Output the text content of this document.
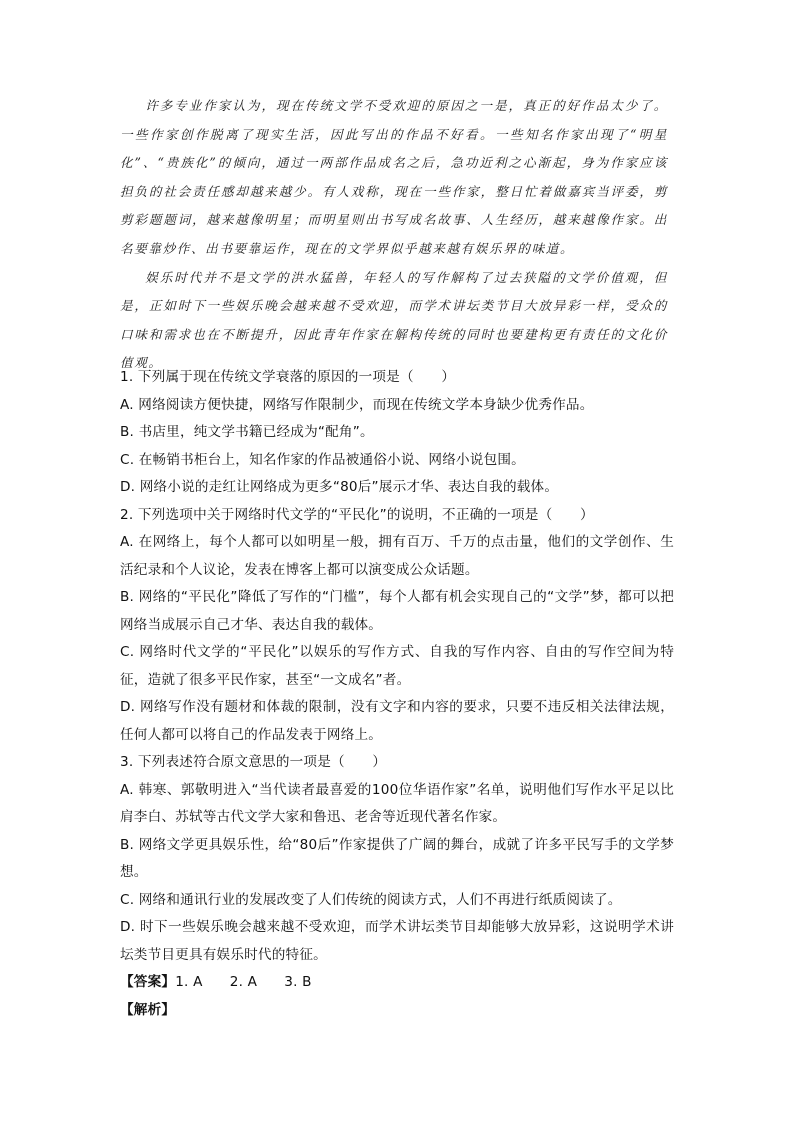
许多专业作家认为，现在传统文学不受欢迎的原因之一是，真正的好作品太少了。一些作家创作脱离了现实生活，因此写出的作品不好看。一些知名作家出现了“明星化”、“贵族化”的倾向，通过一两部作品成名之后，急功近利之心渐起，身为作家应该担负的社会责任感却越来越少。有人戏称，现在一些作家，整日忙着做嘉宾当评委，剪剪彩题题词，越来越像明星；而明星则出书写成名故事、人生经历，越来越像作家。出名要靠炒作、出书要靠运作，现在的文学界似乎越来越有娱乐界的味道。

娱乐时代并不是文学的洪水猛兽，年轻人的写作解构了过去狭隘的文学价值观，但是，正如时下一些娱乐晚会越来越不受欢迎，而学术讲坛类节目大放异彩一样，受众的口味和需求也在不断提升，因此青年作家在解构传统的同时也要建构更有责任的文化价值观。

1. 下列属于现在传统文学衰落的原因的一项是（　　）

A. 网络阅读方便快捷，网络写作限制少，而现在传统文学本身缺少优秀作品。

B. 书店里，纯文学书籍已经成为“配角”。

C. 在畅销书柜台上，知名作家的作品被通俗小说、网络小说包围。

D. 网络小说的走红让网络成为更多“80后”展示才华、表达自我的载体。

2. 下列选项中关于网络时代文学的“平民化”的说明，不正确的一项是（　　）

A. 在网络上，每个人都可以如明星一般，拥有百万、千万的点击量，他们的文学创作、生活纪录和个人议论，发表在博客上都可以演变成公众话题。

B. 网络的“平民化”降低了写作的“门槛”，每个人都有机会实现自己的“文学”梦，都可以把网络当成展示自己才华、表达自我的载体。

C. 网络时代文学的“平民化”以娱乐的写作方式、自我的写作内容、自由的写作空间为特征，造就了很多平民作家，甚至“一文成名”者。

D. 网络写作没有题材和体裁的限制，没有文字和内容的要求，只要不违反相关法律法规，任何人都可以将自己的作品发表于网络上。

3. 下列表述符合原文意思的一项是（　　）

A. 韩寒、郭敬明进入“当代读者最喜爱的100位华语作家”名单，说明他们写作水平足以比肩李白、苏轼等古代文学大家和鲁迅、老舍等近现代著名作家。

B. 网络文学更具娱乐性，给“80后”作家提供了广阔的舞台，成就了许多平民写手的文学梦想。

C. 网络和通讯行业的发展改变了人们传统的阅读方式，人们不再进行纸质阅读了。

D. 时下一些娱乐晚会越来越不受欢迎，而学术讲坛类节目却能够大放异彩，这说明学术讲坛类节目更具有娱乐时代的特征。

【答案】1. A 2. A 3. B

【解析】
